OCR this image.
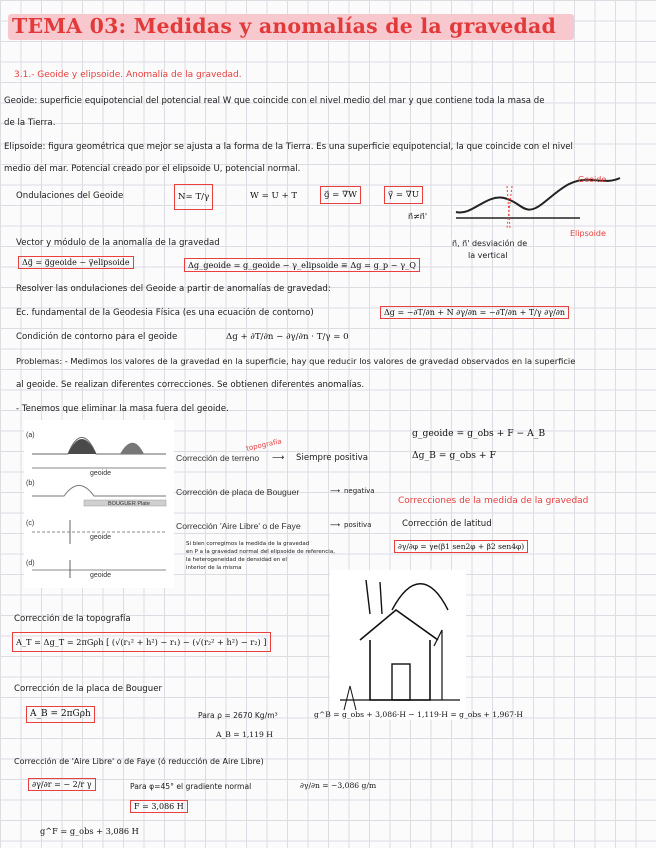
TEMA 03: Medidas y anomalías de la gravedad
3.1.- Geoide y elipsoide. Anomalía de la gravedad.
Geoide: superficie equipotencial del potencial real W que coincide con el nivel medio del mar y que contiene toda la masa de
de la Tierra.
Elipsoide: figura geométrica que mejor se ajusta a la forma de la Tierra. Es una superficie equipotencial, la que coincide con el nivel
medio del mar. Potencial creado por el elipsoide U, potencial normal.
Ondulaciones del Geoide	N= T/γ	W = U + T	g⃗ = ∇W	γ⃗ = ∇U
n⃗≠n⃗'
Geoide
Elipsoide
n⃗, n⃗' desviación de
la vertical
Vector y módulo de la anomalía de la gravedad
Δg⃗ = g⃗geoide − γ⃗elipsoide	Δg_geoide = g_geoide − γ_elipsoide ≡ Δg = g_p − γ_Q
Resolver las ondulaciones del Geoide a partir de anomalías de gravedad:
Ec. fundamental de la Geodesia Física (es una ecuación de contorno)	Δg = −∂T/∂n + N ∂γ/∂n = −∂T/∂n + T/γ ∂γ/∂n
Condición de contorno para el geoide	Δg + ∂T/∂n − ∂γ/∂n · T/γ = 0
Problemas: - Medimos los valores de la gravedad en la superficie, hay que reducir los valores de gravedad observados en la superficie
al geoide. Se realizan diferentes correcciones. Se obtienen diferentes anomalías.
- Tenemos que eliminar la masa fuera del geoide.
(a)
(b)
(c)
(d)
geoide
BOUGUER Plate
geoide
geoide
Corrección de terreno
topografía
⟶ Siempre positiva
Corrección de placa de Bouguer	⟶ negativa
Corrección 'Aire Libre' o de Faye	⟶ positiva
Si bien corregimos la medida de la gravedad
en P a la gravedad normal del elipsoide de referencia,
la heterogeneidad de densidad en el
interior de la misma
g_geoide = g_obs + F − A_B
Δg_B = g_obs + F
Correcciones de la medida de la gravedad
Corrección de latitud
∂γ/∂φ = γe(β1 sen2φ + β2 sen4φ)
Corrección de la topografía
A_T = Δg_T = 2πGρh [ (√(r₁² + h²) − r₁) − (√(r₂² + h²) − r₂) ]
Corrección de la placa de Bouguer
A_B = 2πGρh	Para ρ = 2670 Kg/m³	g^B = g_obs + 3,086·H − 1,119·H = g_obs + 1,967·H
A_B = 1,119 H
Corrección de 'Aire Libre' o de Faye (ó reducción de Aire Libre)
∂γ/∂r = − 2/r γ	Para φ=45° el gradiente normal	∂γ/∂n = −3,086 g/m
F = 3,086 H
g^F = g_obs + 3,086 H
